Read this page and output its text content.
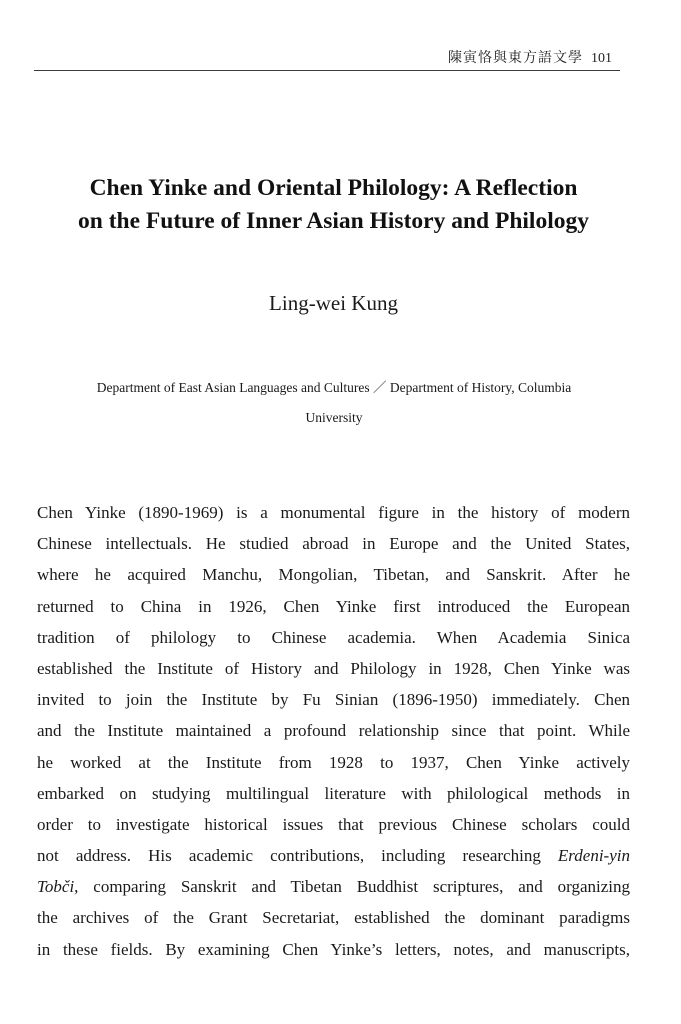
陳寅恪與東方語文學 101
Chen Yinke and Oriental Philology: A Reflection
on the Future of Inner Asian History and Philology
Ling-wei Kung
Department of East Asian Languages and Cultures ／ Department of History, Columbia
University
Chen Yinke (1890-1969) is a monumental figure in the history of modern
Chinese intellectuals. He studied abroad in Europe and the United States,
where he acquired Manchu, Mongolian, Tibetan, and Sanskrit. After he
returned to China in 1926, Chen Yinke first introduced the European
tradition of philology to Chinese academia. When Academia Sinica
established the Institute of History and Philology in 1928, Chen Yinke was
invited to join the Institute by Fu Sinian (1896-1950) immediately. Chen
and the Institute maintained a profound relationship since that point. While
he worked at the Institute from 1928 to 1937, Chen Yinke actively
embarked on studying multilingual literature with philological methods in
order to investigate historical issues that previous Chinese scholars could
not address. His academic contributions, including researching Erdeni-yin
Tobči, comparing Sanskrit and Tibetan Buddhist scriptures, and organizing
the archives of the Grant Secretariat, established the dominant paradigms
in these fields. By examining Chen Yinke’s letters, notes, and manuscripts,
